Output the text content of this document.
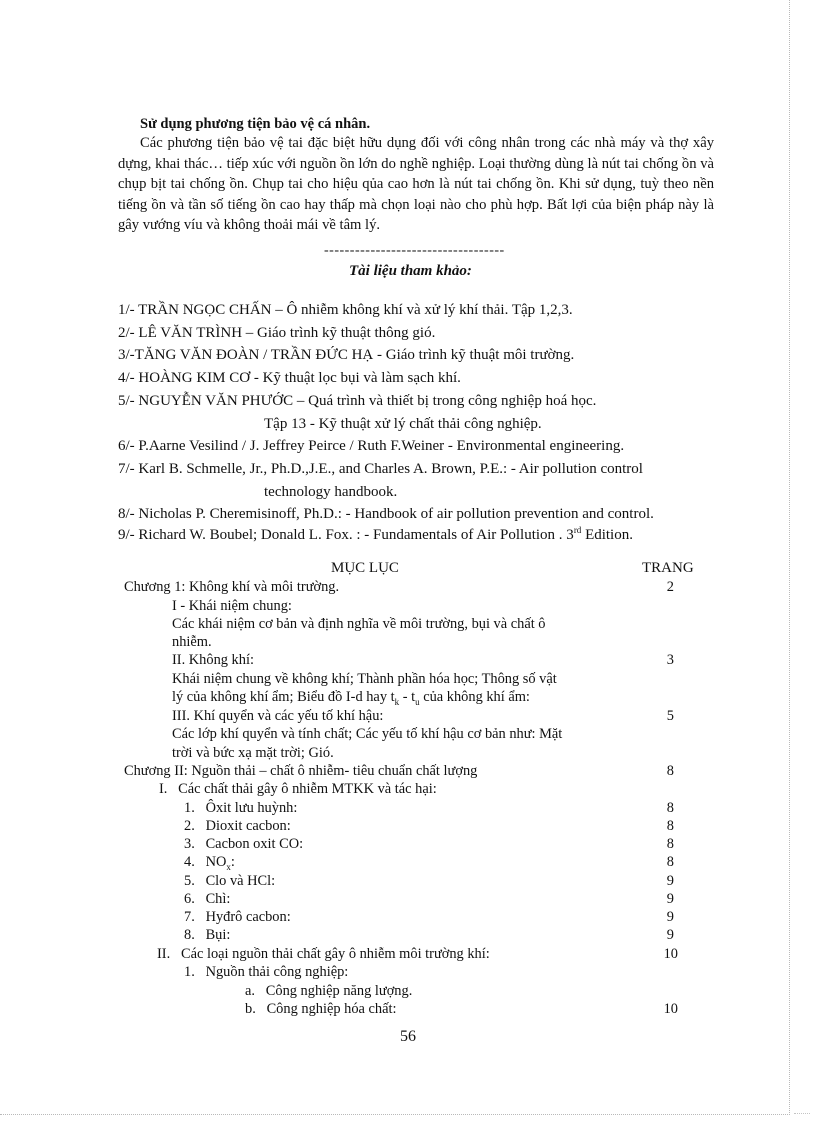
Sử dụng phương tiện bảo vệ cá nhân.
Các phương tiện bảo vệ tai đặc biệt hữu dụng đối với công nhân trong các nhà máy và thợ xây dựng, khai thác… tiếp xúc với nguồn ồn lớn do nghề nghiệp. Loại thường dùng là nút tai chống ồn và chụp bịt tai chống ồn. Chụp tai cho hiệu qủa cao hơn là nút tai chống ồn. Khi sử dụng, tuỳ theo nền tiếng ồn và tần số tiếng ồn cao hay thấp mà chọn loại nào cho phù hợp. Bất lợi của biện pháp này là gây vướng víu và không thoải mái về tâm lý.
-----------------------------------
Tài liệu tham khảo:
1/- TRẦN NGỌC CHẤN – Ô nhiễm không khí và xử lý khí thải. Tập 1,2,3.
2/- LÊ VĂN TRÌNH – Giáo trình kỹ thuật thông gió.
3/-TĂNG VĂN ĐOÀN / TRẦN ĐỨC HẠ - Giáo trình kỹ thuật môi trường.
4/- HOÀNG KIM CƠ - Kỹ thuật lọc bụi và làm sạch khí.
5/- NGUYỄN VĂN PHƯỚC – Quá trình và thiết bị trong công nghiệp hoá học.
Tập 13 - Kỹ thuật xử lý chất thải công nghiệp.
6/- P.Aarne Vesilind / J. Jeffrey Peirce / Ruth F.Weiner - Environmental engineering.
7/- Karl B. Schmelle, Jr., Ph.D.,J.E., and Charles A. Brown, P.E.: - Air pollution control
technology handbook.
8/- Nicholas P. Cheremisinoff, Ph.D.: - Handbook of air pollution prevention and control.
9/- Richard W. Boubel; Donald L. Fox. : - Fundamentals of Air Pollution . 3rd Edition.
MỤC LỤC	TRANG
Chương 1: Không khí và môi trường.	2
I - Khái niệm chung:
Các khái niệm cơ bản và định nghĩa về môi trường, bụi và chất ô
nhiễm.
II. Không khí:	3
Khái niệm chung về không khí; Thành phần hóa học; Thông số vật
lý của không khí ẩm; Biểu đồ I-d hay $t_k - t_u$ của không khí ẩm:
III. Khí quyển và các yếu tố khí hậu:	5
Các lớp khí quyển và tính chất; Các yếu tố khí hậu cơ bản như: Mặt
trời và bức xạ mặt trời; Gió.
Chương II: Nguồn thải – chất ô nhiễm- tiêu chuẩn chất lượng	8
I.   Các chất thải gây ô nhiễm MTKK và tác hại:
1.   Ôxit lưu huỳnh:	8
2.   Dioxit cacbon:	8
3.   Cacbon oxit CO:	8
4.   $NO_x$:	8
5.   Clo và HCl:	9
6.   Chì:	9
7.   Hyđrô cacbon:	9
8.   Bụi:	9
II.   Các loại nguồn thải chất gây ô nhiễm môi trường khí:	10
1.   Nguồn thải công nghiệp:
a.   Công nghiệp năng lượng.
b.   Công nghiệp hóa chất:	10
56
